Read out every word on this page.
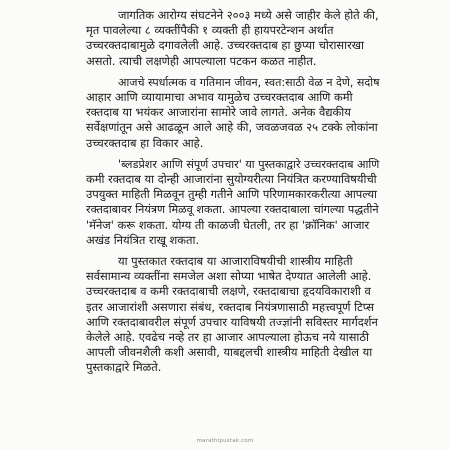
जागतिक आरोग्य संघटनेने २००३ मध्ये असे जाहीर केले होते की,
मृत पावलेल्या ८ व्यक्तींपैकी १ व्यक्ती ही हायपरटेन्शन अर्थात
उच्चरक्तदाबामुळे दगावलेली आहे. उच्चरक्तदाब हा छुप्या चोरासारखा
असतो. त्याची लक्षणेही आपल्याला पटकन कळत नाहीत.

आजचे स्पर्धात्मक व गतिमान जीवन, स्वत:साठी वेळ न देणे, सदोष
आहार आणि व्यायामाचा अभाव यामुळेच उच्चरक्तदाब आणि कमी
रक्तदाब या भयंकर आजारांना सामोरे जावे लागते. अनेक वैद्यकीय
सर्वेक्षणांतून असे आढळून आले आहे की, जवळजवळ २५ टक्के लोकांना
उच्चरक्तदाब हा विकार आहे.

'ब्लडप्रेशर आणि संपूर्ण उपचार' या पुस्तकाद्वारे उच्चरक्तदाब आणि
कमी रक्तदाब या दोन्ही आजारांना सुयोग्यरीत्या नियंत्रित करण्याविषयीची
उपयुक्त माहिती मिळवून तुम्ही गतीने आणि परिणामकारकरीत्या आपल्या
रक्तदाबावर नियंत्रण मिळवू शकता. आपल्या रक्तदाबाला चांगल्या पद्धतीने
'मॅनेज' करू शकता. योग्य ती काळजी घेतली, तर हा 'क्रॉनिक' आजार
अखंड नियंत्रित राखू शकता.

या पुस्तकात रक्तदाब या आजाराविषयीची शास्त्रीय माहिती
सर्वसामान्य व्यक्तींना समजेल अशा सोप्या भाषेत देण्यात आलेली आहे.
उच्चरक्तदाब व कमी रक्तदाबाची लक्षणे, रक्तदाबाचा हृदयविकाराशी व
इतर आजारांशी असणारा संबंध, रक्तदाब नियंत्रणासाठी महत्त्वपूर्ण टिप्स
आणि रक्तदाबावरील संपूर्ण उपचार याविषयी तज्ज्ञांनी सविस्तर मार्गदर्शन
केलेले आहे. एवढेच नव्हे तर हा आजार आपल्याला होऊच नये यासाठी
आपली जीवनशैली कशी असावी, याबद्दलची शास्त्रीय माहिती देखील या
पुस्तकाद्वारे मिळते.

marathipustak.com
